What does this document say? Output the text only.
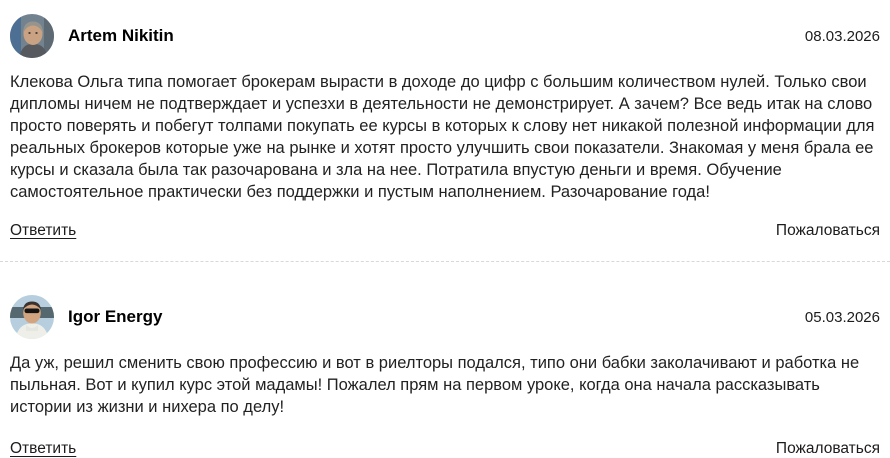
Artem Nikitin	08.03.2026

Клекова Ольга типа помогает брокерам вырасти в доходе до цифр с большим количеством нулей. Только свои дипломы ничем не подтверждает и успезхи в деятельности не демонстрирует. А зачем? Все ведь итак на слово просто поверять и побегут толпами покупать ее курсы в которых к слову нет никакой полезной информации для реальных брокеров которые уже на рынке и хотят просто улучшить свои показатели. Знакомая у меня брала ее курсы и сказала была так разочарована и зла на нее. Потратила впустую деньги и время. Обучение самостоятельное практически без поддержки и пустым наполнением. Разочарование года!

Ответить	Пожаловаться
Igor Energy	05.03.2026

Да уж, решил сменить свою профессию и вот в риелторы подался, типо они бабки заколачивают и работка не пыльная. Вот и купил курс этой мадамы! Пожалел прям на первом уроке, когда она начала рассказывать истории из жизни и нихера по делу!

Ответить	Пожаловаться
